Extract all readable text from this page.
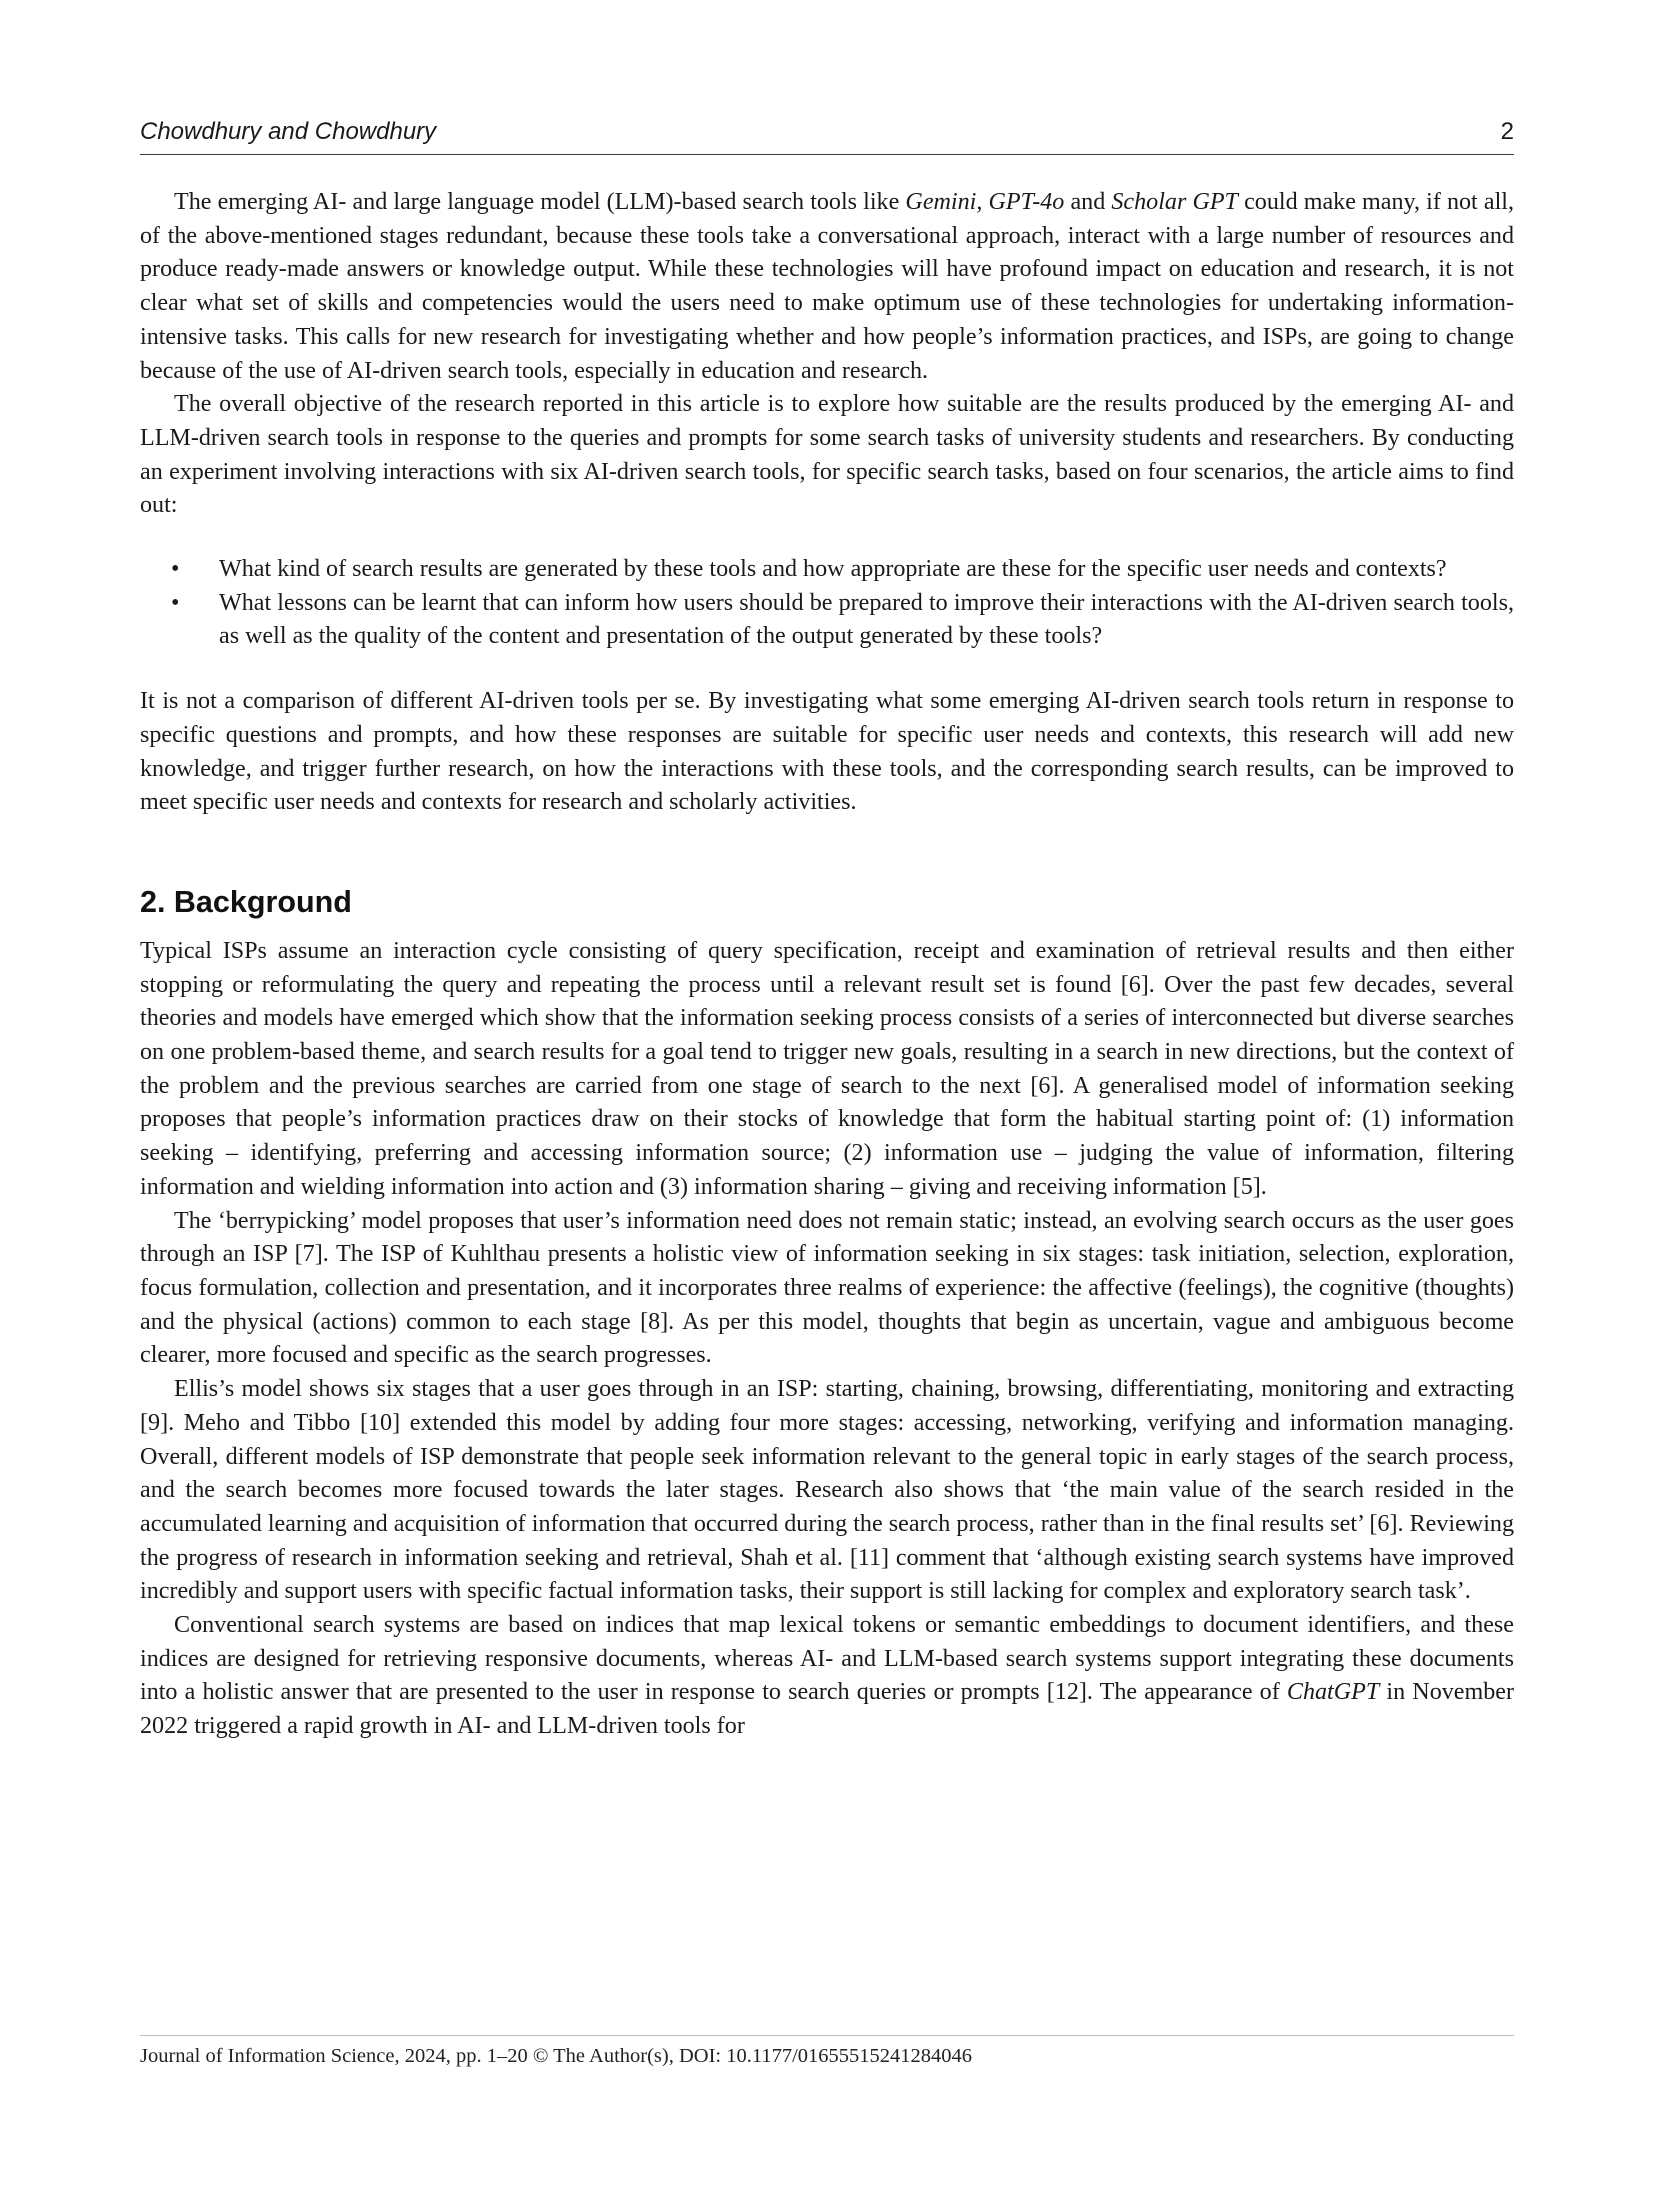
Chowdhury and Chowdhury	2

The emerging AI- and large language model (LLM)-based search tools like Gemini, GPT-4o and Scholar GPT could make many, if not all, of the above-mentioned stages redundant, because these tools take a conversational approach, interact with a large number of resources and produce ready-made answers or knowledge output. While these technologies will have profound impact on education and research, it is not clear what set of skills and competencies would the users need to make optimum use of these technologies for undertaking information-intensive tasks. This calls for new research for investigating whether and how people’s information practices, and ISPs, are going to change because of the use of AI-driven search tools, especially in education and research.

The overall objective of the research reported in this article is to explore how suitable are the results produced by the emerging AI- and LLM-driven search tools in response to the queries and prompts for some search tasks of university students and researchers. By conducting an experiment involving interactions with six AI-driven search tools, for specific search tasks, based on four scenarios, the article aims to find out:

• What kind of search results are generated by these tools and how appropriate are these for the specific user needs and contexts?
• What lessons can be learnt that can inform how users should be prepared to improve their interactions with the AI-driven search tools, as well as the quality of the content and presentation of the output generated by these tools?

It is not a comparison of different AI-driven tools per se. By investigating what some emerging AI-driven search tools return in response to specific questions and prompts, and how these responses are suitable for specific user needs and contexts, this research will add new knowledge, and trigger further research, on how the interactions with these tools, and the corresponding search results, can be improved to meet specific user needs and contexts for research and scholarly activities.

2. Background

Typical ISPs assume an interaction cycle consisting of query specification, receipt and examination of retrieval results and then either stopping or reformulating the query and repeating the process until a relevant result set is found [6]. Over the past few decades, several theories and models have emerged which show that the information seeking process consists of a series of interconnected but diverse searches on one problem-based theme, and search results for a goal tend to trigger new goals, resulting in a search in new directions, but the context of the problem and the previous searches are carried from one stage of search to the next [6]. A generalised model of information seeking proposes that people’s information practices draw on their stocks of knowledge that form the habitual starting point of: (1) information seeking – identifying, preferring and accessing information source; (2) information use – judging the value of information, filtering information and wielding information into action and (3) information sharing – giving and receiving information [5].

The ‘berrypicking’ model proposes that user’s information need does not remain static; instead, an evolving search occurs as the user goes through an ISP [7]. The ISP of Kuhlthau presents a holistic view of information seeking in six stages: task initiation, selection, exploration, focus formulation, collection and presentation, and it incorporates three realms of experience: the affective (feelings), the cognitive (thoughts) and the physical (actions) common to each stage [8]. As per this model, thoughts that begin as uncertain, vague and ambiguous become clearer, more focused and specific as the search progresses.

Ellis’s model shows six stages that a user goes through in an ISP: starting, chaining, browsing, differentiating, monitoring and extracting [9]. Meho and Tibbo [10] extended this model by adding four more stages: accessing, networking, verifying and information managing. Overall, different models of ISP demonstrate that people seek information relevant to the general topic in early stages of the search process, and the search becomes more focused towards the later stages. Research also shows that ‘the main value of the search resided in the accumulated learning and acquisition of information that occurred during the search process, rather than in the final results set’ [6]. Reviewing the progress of research in information seeking and retrieval, Shah et al. [11] comment that ‘although existing search systems have improved incredibly and support users with specific factual information tasks, their support is still lacking for complex and exploratory search task’.

Conventional search systems are based on indices that map lexical tokens or semantic embeddings to document identifiers, and these indices are designed for retrieving responsive documents, whereas AI- and LLM-based search systems support integrating these documents into a holistic answer that are presented to the user in response to search queries or prompts [12]. The appearance of ChatGPT in November 2022 triggered a rapid growth in AI- and LLM-driven tools for

Journal of Information Science, 2024, pp. 1–20 © The Author(s), DOI: 10.1177/01655515241284046
